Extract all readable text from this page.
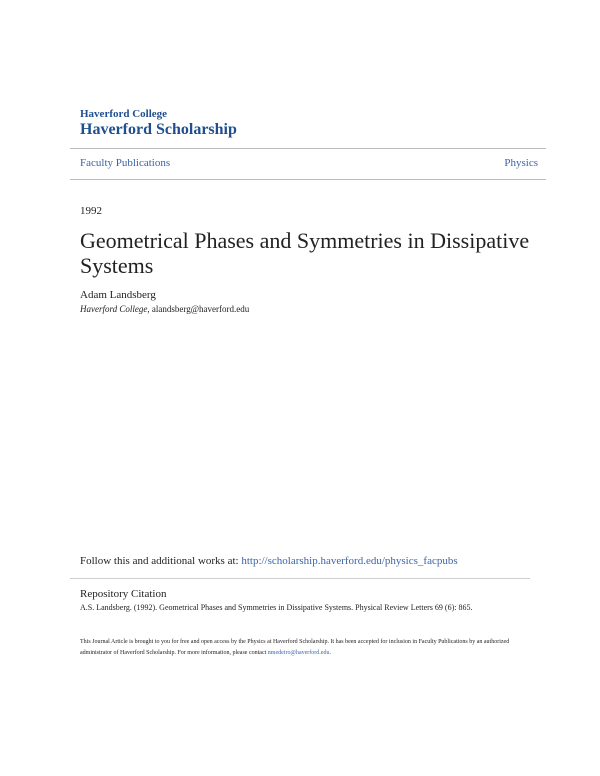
Haverford College
Haverford Scholarship
Faculty Publications	Physics
1992
Geometrical Phases and Symmetries in Dissipative Systems
Adam Landsberg
Haverford College, alandsberg@haverford.edu
Follow this and additional works at: http://scholarship.haverford.edu/physics_facpubs
Repository Citation
A.S. Landsberg. (1992). Geometrical Phases and Symmetries in Dissipative Systems. Physical Review Letters 69 (6): 865.
This Journal Article is brought to you for free and open access by the Physics at Haverford Scholarship. It has been accepted for inclusion in Faculty Publications by an authorized administrator of Haverford Scholarship. For more information, please contact nmedeiro@haverford.edu.
